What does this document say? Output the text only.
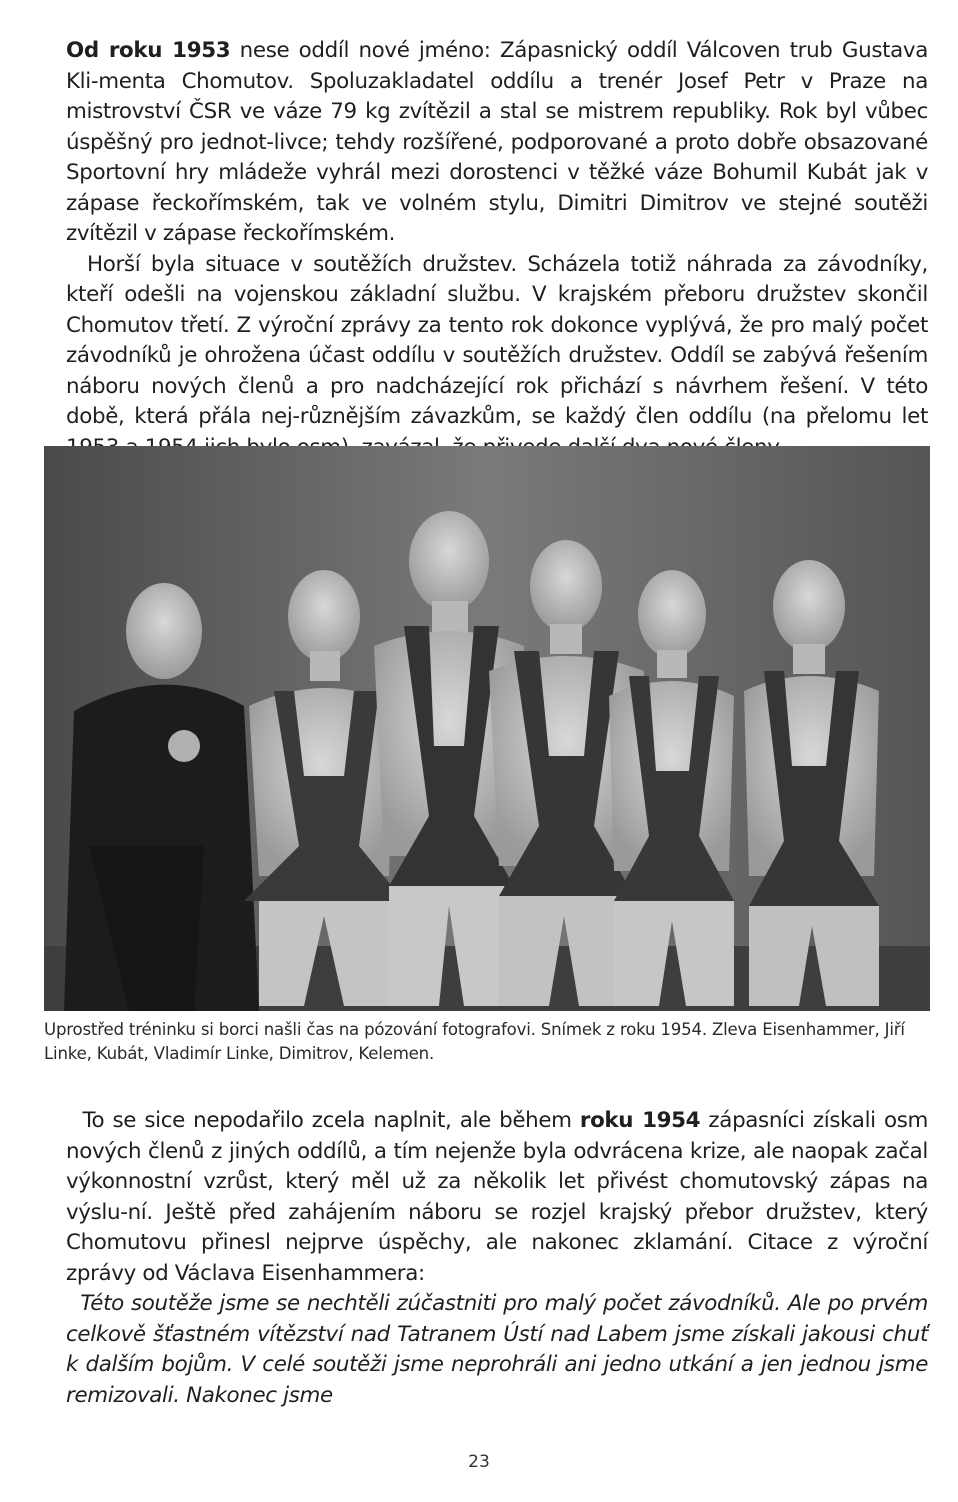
Od roku 1953 nese oddíl nové jméno: Zápasnický oddíl Válcoven trub Gustava Kli-menta Chomutov. Spoluzakladatel oddílu a trenér Josef Petr v Praze na mistrovství ČSR ve váze 79 kg zvítězil a stal se mistrem republiky. Rok byl vůbec úspěšný pro jednot-livce; tehdy rozšířené, podporované a proto dobře obsazované Sportovní hry mládeže vyhrál mezi dorostenci v těžké váze Bohumil Kubát jak v zápase řeckořímském, tak ve volném stylu, Dimitri Dimitrov ve stejné soutěži zvítězil v zápase řeckořímském.

Horší byla situace v soutěžích družstev. Scházela totiž náhrada za závodníky, kteří odešli na vojenskou základní službu. V krajském přeboru družstev skončil Chomutov třetí. Z výroční zprávy za tento rok dokonce vyplývá, že pro malý počet závodníků je ohrožena účast oddílu v soutěžích družstev. Oddíl se zabývá řešením náboru nových členů a pro nadcházející rok přichází s návrhem řešení. V této době, která přála nej-různějším závazkům, se každý člen oddílu (na přelomu let

Uprostřed tréninku si borci našli čas na pózování fotografovi. Snímek z roku 1954. Zleva Eisenhammer, Jiří Linke, Kubát, Vladimír Linke, Dimitrov, Kelemen.

To se sice nepodařilo zcela naplnit, ale během roku 1954 zápasníci získali osm nových členů z jiných oddílů, a tím nejenže byla odvrácena krize, ale naopak začal výkonnostní vzrůst, který měl už za několik let přivést chomutovský zápas na výslu-ní. Ještě před zahájením náboru se rozjel krajský přebor družstev, který Chomutovu přinesl nejprve úspěchy, ale nakonec zklamání. Citace z výroční zprávy od Václava Eisenhammera:

Této soutěže jsme se nechtěli zúčastniti pro malý počet závodníků. Ale po prvém celkově šťastném vítězství nad Tatranem Ústí nad Labem jsme získali jakousi chuť k dalším bojům. V celé soutěži jsme neprohráli ani jedno utkání a jen jednou jsme remizovali. Nakonec jsme

23
